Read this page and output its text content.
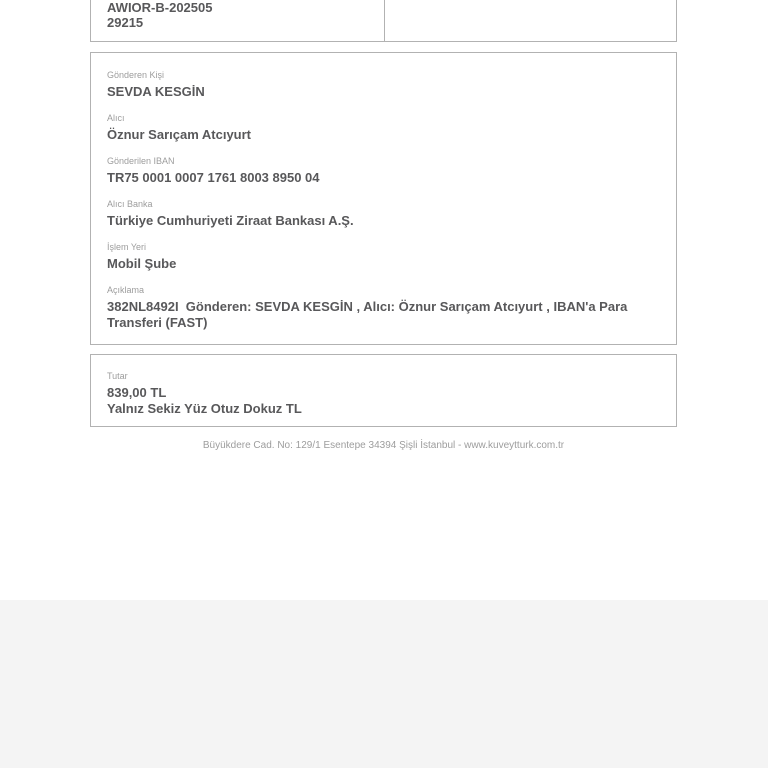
AWIOR-B-202505
29215
Gönderen Kişi
SEVDA KESGİN
Alıcı
Öznur Sarıçam Atcıyurt
Gönderilen IBAN
TR75 0001 0007 1761 8003 8950 04
Alıcı Banka
Türkiye Cumhuriyeti Ziraat Bankası A.Ş.
İşlem Yeri
Mobil Şube
Açıklama
382NL8492I  Gönderen: SEVDA KESGİN , Alıcı: Öznur Sarıçam Atcıyurt , IBAN'a Para Transferi (FAST)
Tutar
839,00 TL
Yalnız Sekiz Yüz Otuz Dokuz TL
Büyükdere Cad. No: 129/1 Esentepe 34394 Şişli İstanbul - www.kuveytturk.com.tr
